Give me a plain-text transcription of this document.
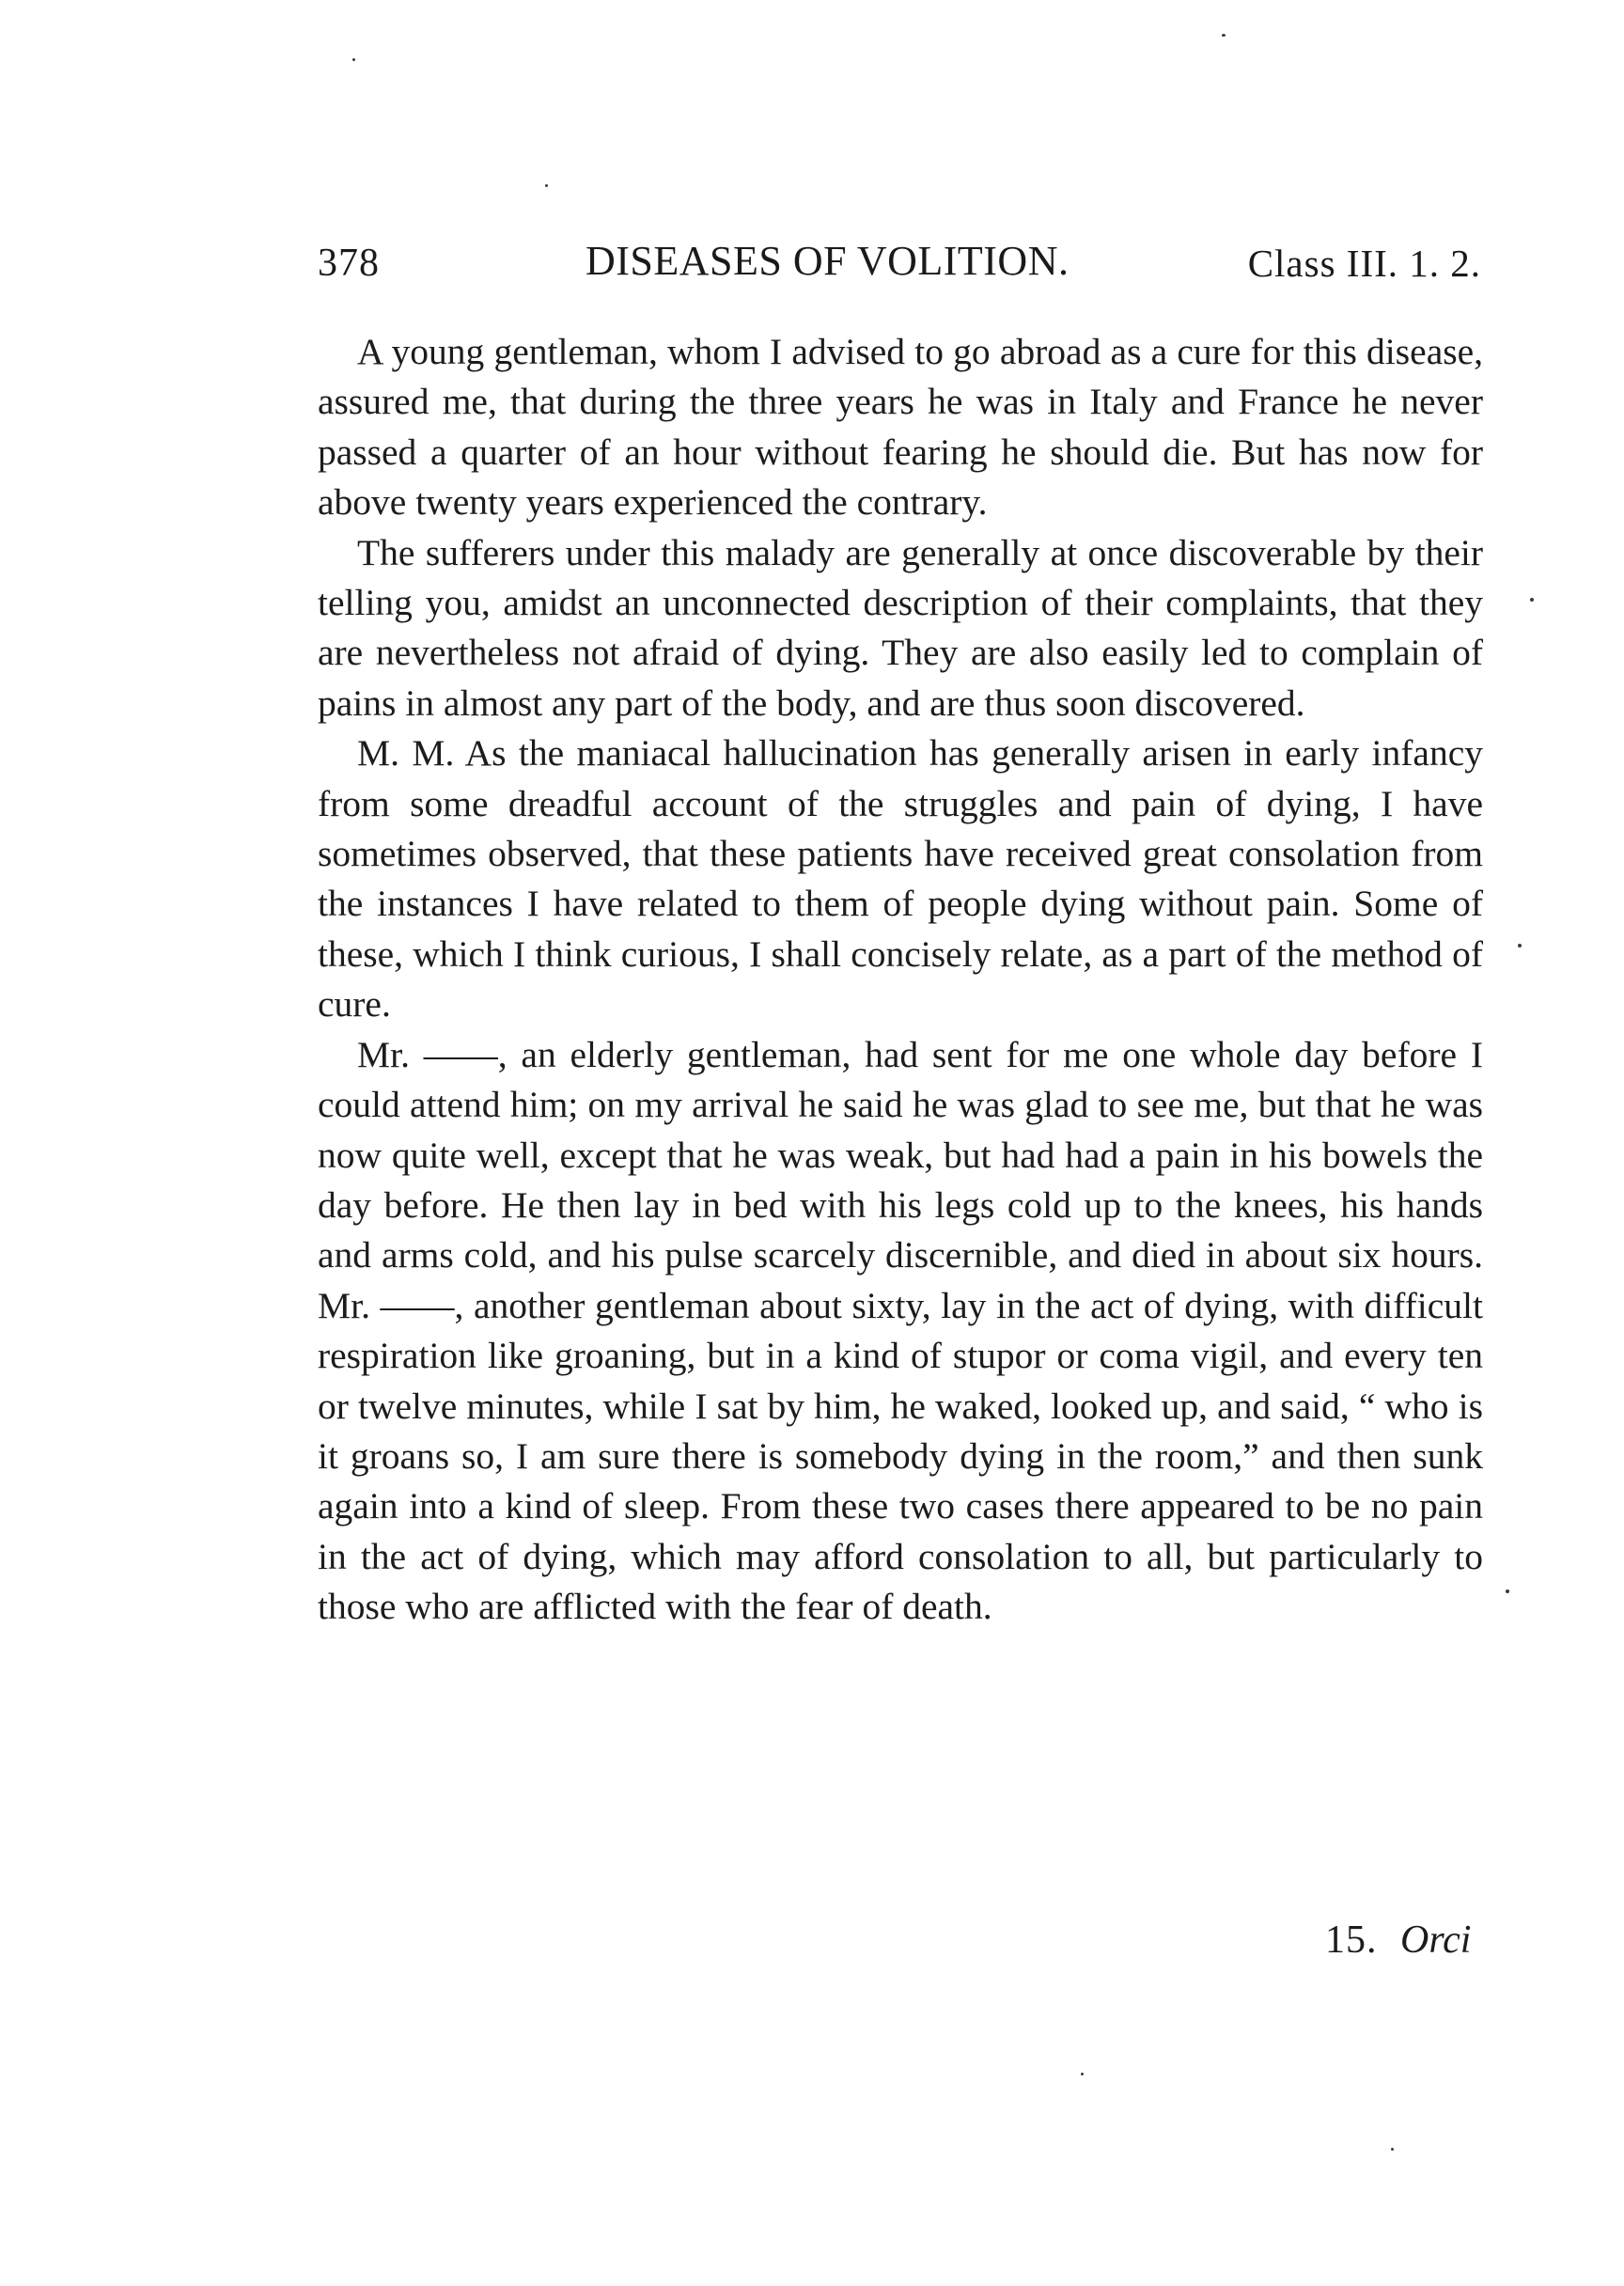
378	DISEASES OF VOLITION.	Class III. 1. 2.

A young gentleman, whom I advised to go abroad as a cure for this disease, assured me, that during the three years he was in Italy and France he never passed a quarter of an hour without fearing he should die. But has now for above twenty years experienced the contrary.

The sufferers under this malady are generally at once discoverable by their telling you, amidst an unconnected description of their complaints, that they are nevertheless not afraid of dying. They are also easily led to complain of pains in almost any part of the body, and are thus soon discovered.

M. M. As the maniacal hallucination has generally arisen in early infancy from some dreadful account of the struggles and pain of dying, I have sometimes observed, that these patients have received great consolation from the instances I have related to them of people dying without pain. Some of these, which I think curious, I shall concisely relate, as a part of the method of cure.

Mr. ——, an elderly gentleman, had sent for me one whole day before I could attend him; on my arrival he said he was glad to see me, but that he was now quite well, except that he was weak, but had had a pain in his bowels the day before. He then lay in bed with his legs cold up to the knees, his hands and arms cold, and his pulse scarcely discernible, and died in about six hours. Mr. ——, another gentleman about sixty, lay in the act of dying, with difficult respiration like groaning, but in a kind of stupor or coma vigil, and every ten or twelve minutes, while I sat by him, he waked, looked up, and said, “ who is it groans so, I am sure there is somebody dying in the room,” and then sunk again into a kind of sleep. From these two cases there appeared to be no pain in the act of dying, which may afford consolation to all, but particularly to those who are afflicted with the fear of death.

15. Orci
